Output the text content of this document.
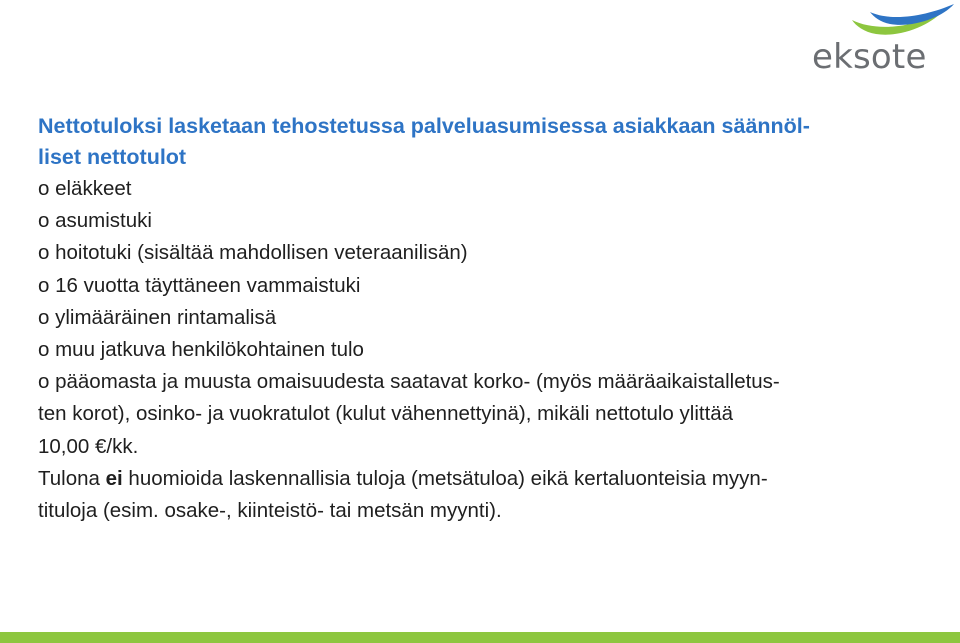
eksote

Nettotuloksi lasketaan tehostetussa palveluasumisessa asiakkaan säännöl-
liset nettotulot

o eläkkeet

o asumistuki

o hoitotuki (sisältää mahdollisen veteraanilisän)

o 16 vuotta täyttäneen vammaistuki

o ylimääräinen rintamalisä

o muu jatkuva henkilökohtainen tulo

o pääomasta ja muusta omaisuudesta saatavat korko- (myös määräaikaistalletus-
ten korot), osinko- ja vuokratulot (kulut vähennettyinä), mikäli nettotulo ylittää
10,00 €/kk.

Tulona ei huomioida laskennallisia tuloja (metsätuloa) eikä kertaluonteisia myyn-
tituloja (esim. osake-, kiinteistö- tai metsän myynti).
